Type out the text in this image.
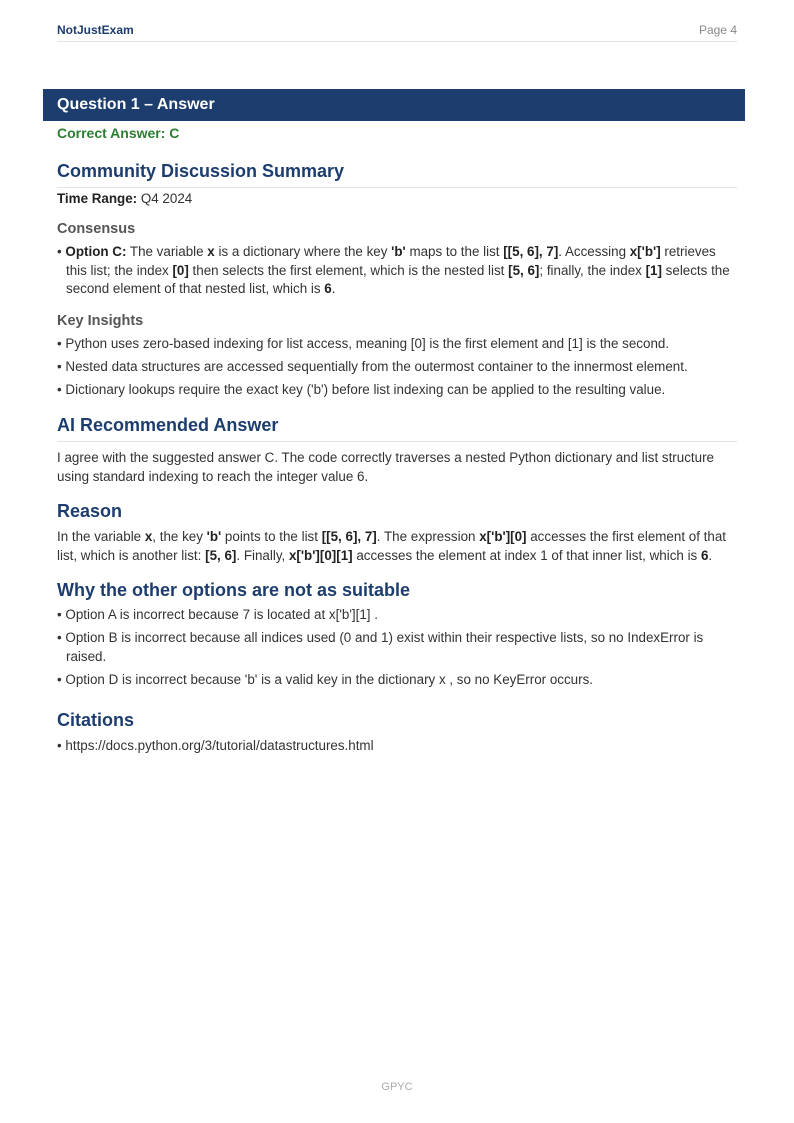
NotJustExam	Page 4
Question 1 – Answer
Correct Answer: C
Community Discussion Summary
Time Range: Q4 2024
Consensus
• Option C: The variable x is a dictionary where the key 'b' maps to the list [[5, 6], 7]. Accessing x['b'] retrieves this list; the index [0] then selects the first element, which is the nested list [5, 6]; finally, the index [1] selects the second element of that nested list, which is 6.
Key Insights
• Python uses zero-based indexing for list access, meaning [0] is the first element and [1] is the second.
• Nested data structures are accessed sequentially from the outermost container to the innermost element.
• Dictionary lookups require the exact key ('b') before list indexing can be applied to the resulting value.
AI Recommended Answer
I agree with the suggested answer C. The code correctly traverses a nested Python dictionary and list structure using standard indexing to reach the integer value 6.
Reason
In the variable x, the key 'b' points to the list [[5, 6], 7]. The expression x['b'][0] accesses the first element of that list, which is another list: [5, 6]. Finally, x['b'][0][1] accesses the element at index 1 of that inner list, which is 6.
Why the other options are not as suitable
• Option A is incorrect because 7 is located at x['b'][1] .
• Option B is incorrect because all indices used (0 and 1) exist within their respective lists, so no IndexError is raised.
• Option D is incorrect because 'b' is a valid key in the dictionary x , so no KeyError occurs.
Citations
• https://docs.python.org/3/tutorial/datastructures.html
GPYC
